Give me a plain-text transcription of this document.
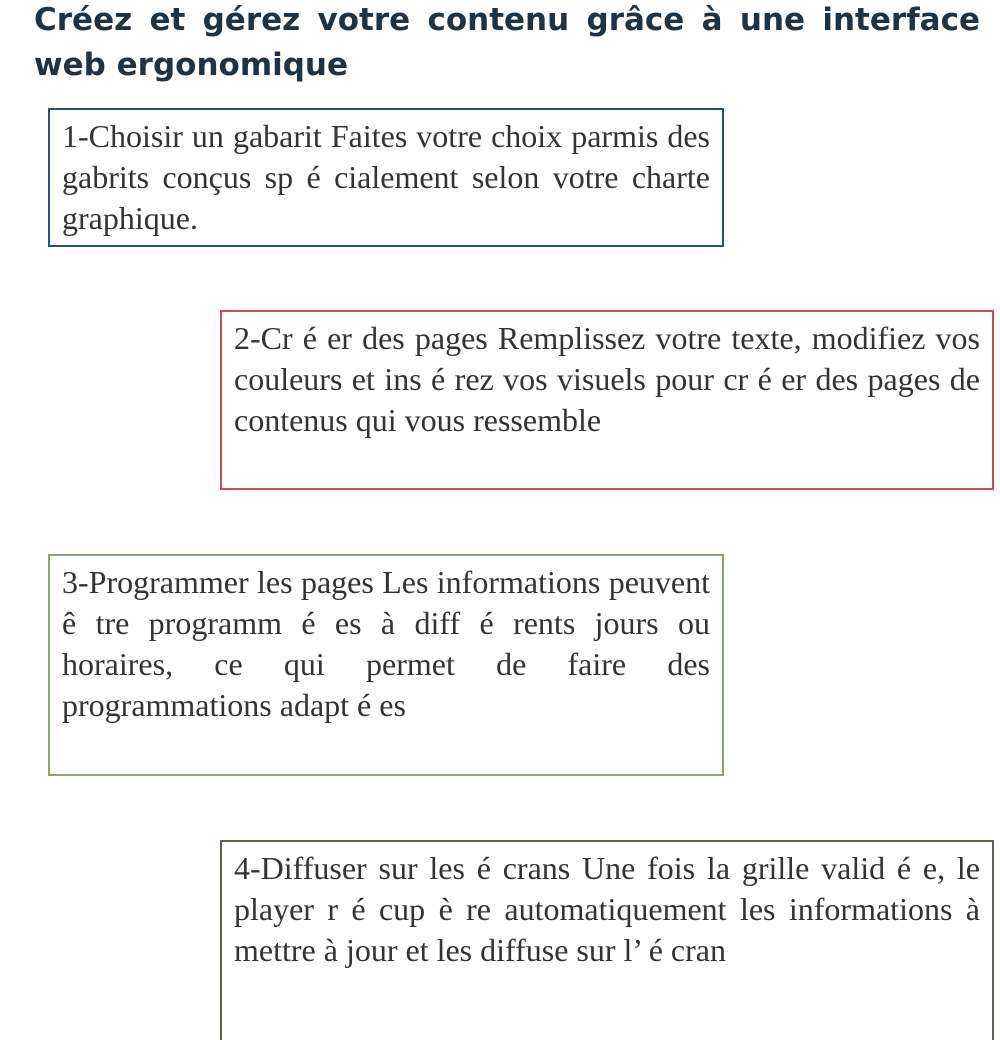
Créez et gérez votre contenu grâce à une interface web ergonomique

1-Choisir un gabarit Faites votre choix parmis des gabrits conçus sp é cialement selon votre charte graphique.

2-Cr é er des pages Remplissez votre texte, modifiez vos couleurs et ins é rez vos visuels pour cr é er des pages de contenus qui vous ressemble

3-Programmer les pages Les informations peuvent ê tre programm é es à diff é rents jours ou horaires, ce qui permet de faire des programmations adapt é es

4-Diffuser sur les é crans Une fois la grille valid é e, le player r é cup è re automatiquement les informations à mettre à jour et les diffuse sur l’ é cran
